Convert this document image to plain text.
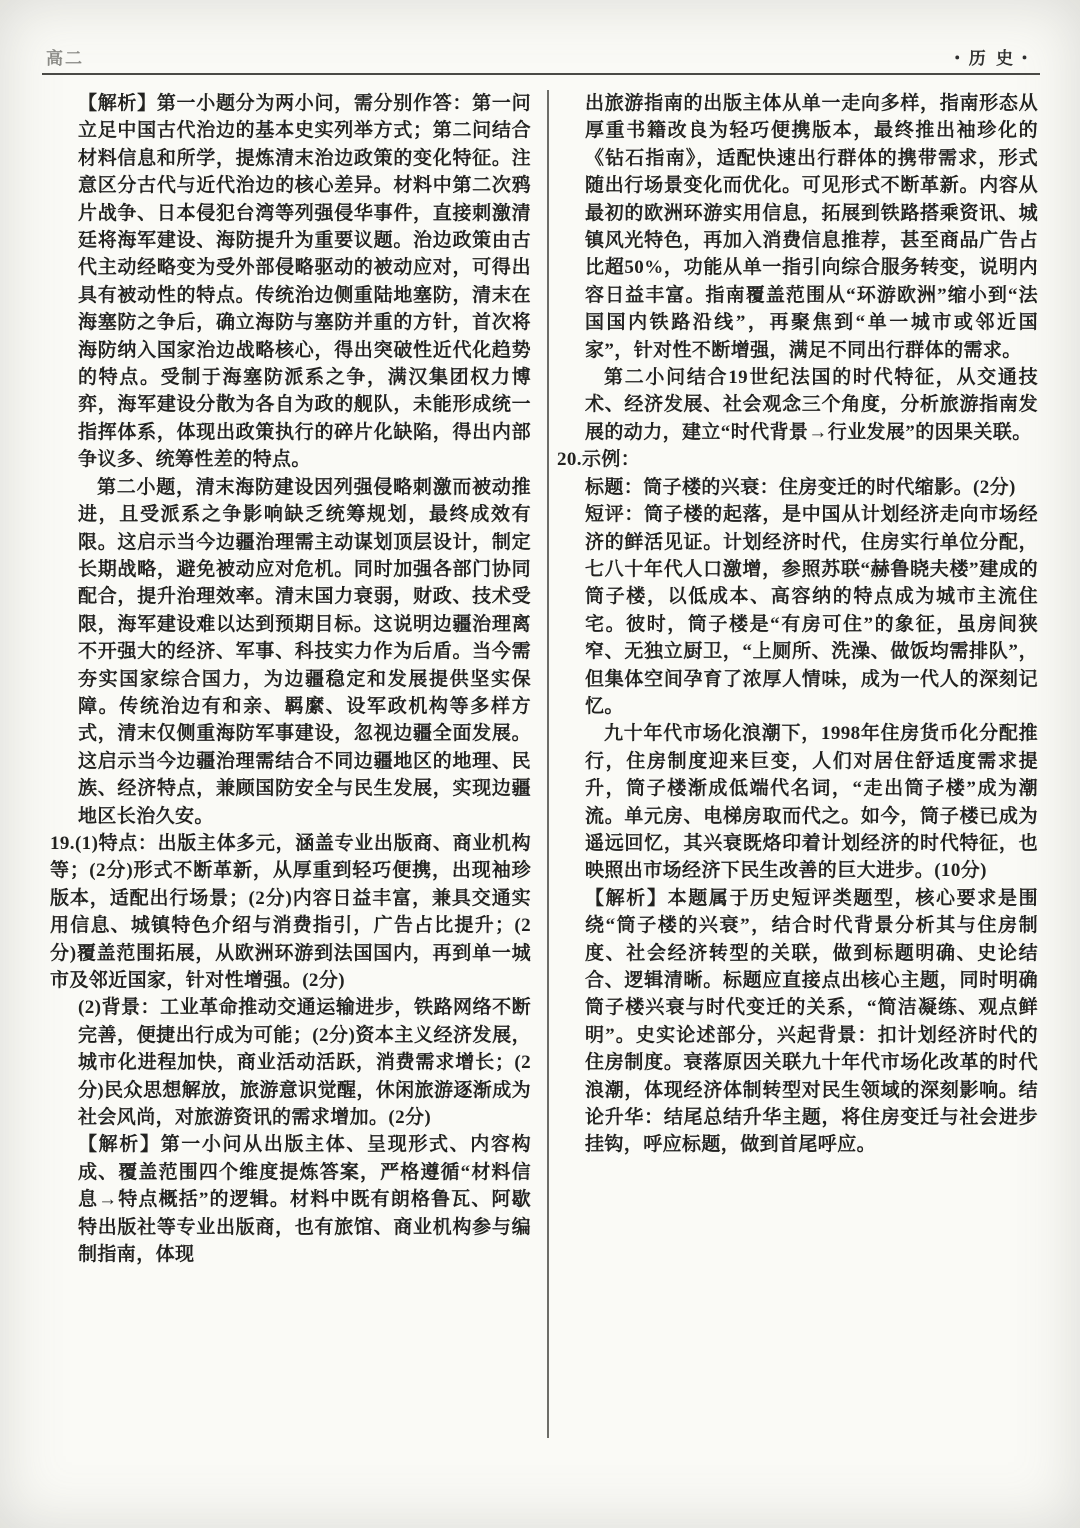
高二	・历 史・

【解析】第一小题分为两小问，需分别作答：第一问立足中国古代治边的基本史实列举方式；第二问结合材料信息和所学，提炼清末治边政策的变化特征。注意区分古代与近代治边的核心差异。材料中第二次鸦片战争、日本侵犯台湾等列强侵华事件，直接刺激清廷将海军建设、海防提升为重要议题。治边政策由古代主动经略变为受外部侵略驱动的被动应对，可得出具有被动性的特点。传统治边侧重陆地塞防，清末在海塞防之争后，确立海防与塞防并重的方针，首次将海防纳入国家治边战略核心，得出突破性近代化趋势的特点。受制于海塞防派系之争，满汉集团权力博弈，海军建设分散为各自为政的舰队，未能形成统一指挥体系，体现出政策执行的碎片化缺陷，得出内部争议多、统筹性差的特点。

第二小题，清末海防建设因列强侵略刺激而被动推进，且受派系之争影响缺乏统筹规划，最终成效有限。这启示当今边疆治理需主动谋划顶层设计，制定长期战略，避免被动应对危机。同时加强各部门协同配合，提升治理效率。清末国力衰弱，财政、技术受限，海军建设难以达到预期目标。这说明边疆治理离不开强大的经济、军事、科技实力作为后盾。当今需夯实国家综合国力，为边疆稳定和发展提供坚实保障。传统治边有和亲、羁縻、设军政机构等多样方式，清末仅侧重海防军事建设，忽视边疆全面发展。这启示当今边疆治理需结合不同边疆地区的地理、民族、经济特点，兼顾国防安全与民生发展，实现边疆地区长治久安。

19.(1)特点：出版主体多元，涵盖专业出版商、商业机构等；(2分)形式不断革新，从厚重到轻巧便携，出现袖珍版本，适配出行场景；(2分)内容日益丰富，兼具交通实用信息、城镇特色介绍与消费指引，广告占比提升；(2分)覆盖范围拓展，从欧洲环游到法国国内，再到单一城市及邻近国家，针对性增强。(2分)

(2)背景：工业革命推动交通运输进步，铁路网络不断完善，便捷出行成为可能；(2分)资本主义经济发展，城市化进程加快，商业活动活跃，消费需求增长；(2分)民众思想解放，旅游意识觉醒，休闲旅游逐渐成为社会风尚，对旅游资讯的需求增加。(2分)

【解析】第一小问从出版主体、呈现形式、内容构成、覆盖范围四个维度提炼答案，严格遵循“材料信息→特点概括”的逻辑。材料中既有朗格鲁瓦、阿歇特出版社等专业出版商，也有旅馆、商业机构参与编制指南，体现

出旅游指南的出版主体从单一走向多样，指南形态从厚重书籍改良为轻巧便携版本，最终推出袖珍化的《钻石指南》，适配快速出行群体的携带需求，形式随出行场景变化而优化。可见形式不断革新。内容从最初的欧洲环游实用信息，拓展到铁路搭乘资讯、城镇风光特色，再加入消费信息推荐，甚至商品广告占比超50%，功能从单一指引向综合服务转变，说明内容日益丰富。指南覆盖范围从“环游欧洲”缩小到“法国国内铁路沿线”，再聚焦到“单一城市或邻近国家”，针对性不断增强，满足不同出行群体的需求。

第二小问结合19世纪法国的时代特征，从交通技术、经济发展、社会观念三个角度，分析旅游指南发展的动力，建立“时代背景→行业发展”的因果关联。

20.示例：

标题：筒子楼的兴衰：住房变迁的时代缩影。(2分)

短评：筒子楼的起落，是中国从计划经济走向市场经济的鲜活见证。计划经济时代，住房实行单位分配，七八十年代人口激增，参照苏联“赫鲁晓夫楼”建成的筒子楼，以低成本、高容纳的特点成为城市主流住宅。彼时，筒子楼是“有房可住”的象征，虽房间狭窄、无独立厨卫，“上厕所、洗澡、做饭均需排队”，但集体空间孕育了浓厚人情味，成为一代人的深刻记忆。

九十年代市场化浪潮下，1998年住房货币化分配推行，住房制度迎来巨变，人们对居住舒适度需求提升，筒子楼渐成低端代名词，“走出筒子楼”成为潮流。单元房、电梯房取而代之。如今，筒子楼已成为遥远回忆，其兴衰既烙印着计划经济的时代特征，也映照出市场经济下民生改善的巨大进步。(10分)

【解析】本题属于历史短评类题型，核心要求是围绕“筒子楼的兴衰”，结合时代背景分析其与住房制度、社会经济转型的关联，做到标题明确、史论结合、逻辑清晰。标题应直接点出核心主题，同时明确筒子楼兴衰与时代变迁的关系，“简洁凝练、观点鲜明”。史实论述部分，兴起背景：扣计划经济时代的住房制度。衰落原因关联九十年代市场化改革的时代浪潮，体现经济体制转型对民生领域的深刻影响。结论升华：结尾总结升华主题，将住房变迁与社会进步挂钩，呼应标题，做到首尾呼应。
